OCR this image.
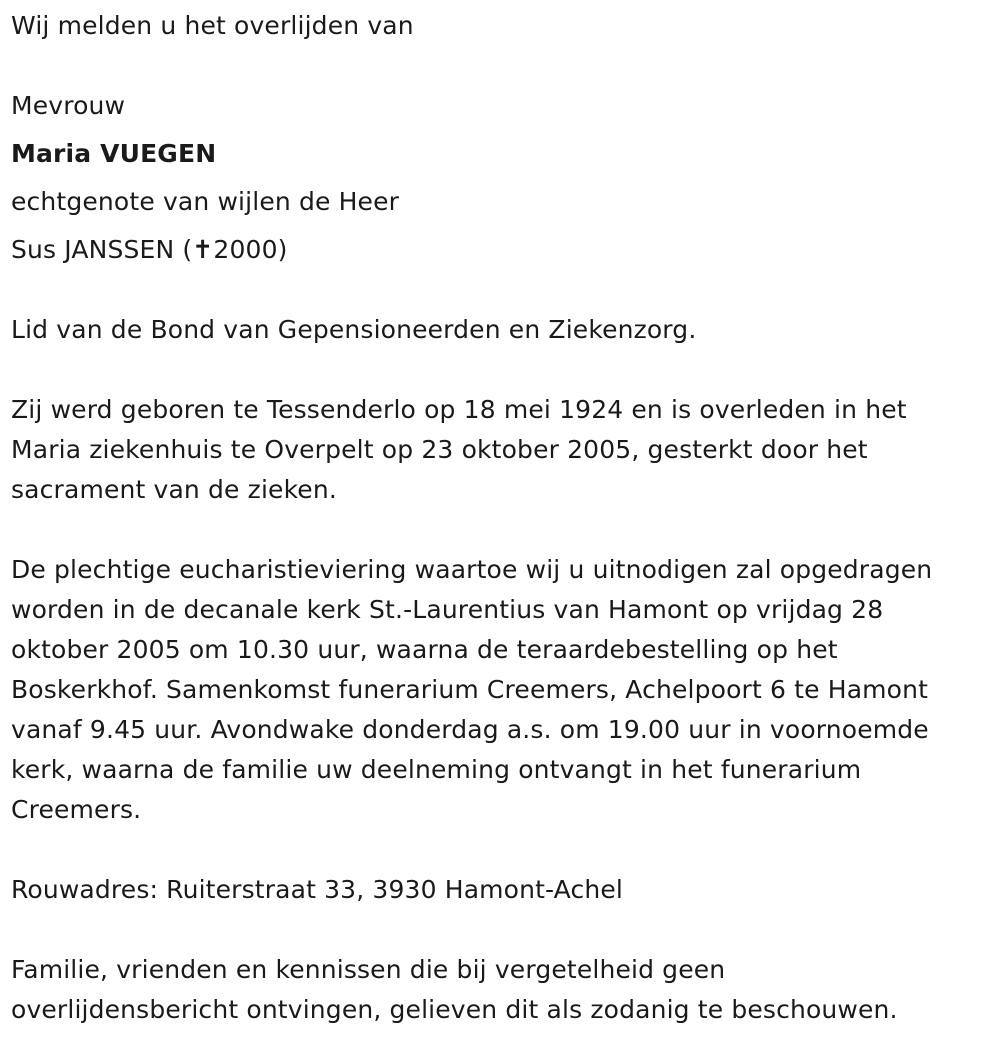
Wij melden u het overlijden van
Mevrouw
Maria VUEGEN
echtgenote van wijlen de Heer
Sus JANSSEN (✝2000)
Lid van de Bond van Gepensioneerden en Ziekenzorg.
Zij werd geboren te Tessenderlo op 18 mei 1924 en is overleden in het
Maria ziekenhuis te Overpelt op 23 oktober 2005, gesterkt door het
sacrament van de zieken.
De plechtige eucharistieviering waartoe wij u uitnodigen zal opgedragen
worden in de decanale kerk St.-Laurentius van Hamont op vrijdag 28
oktober 2005 om 10.30 uur, waarna de teraardebestelling op het
Boskerkhof. Samenkomst funerarium Creemers, Achelpoort 6 te Hamont
vanaf 9.45 uur. Avondwake donderdag a.s. om 19.00 uur in voornoemde
kerk, waarna de familie uw deelneming ontvangt in het funerarium
Creemers.
Rouwadres: Ruiterstraat 33, 3930 Hamont-Achel
Familie, vrienden en kennissen die bij vergetelheid geen
overlijdensbericht ontvingen, gelieven dit als zodanig te beschouwen.
